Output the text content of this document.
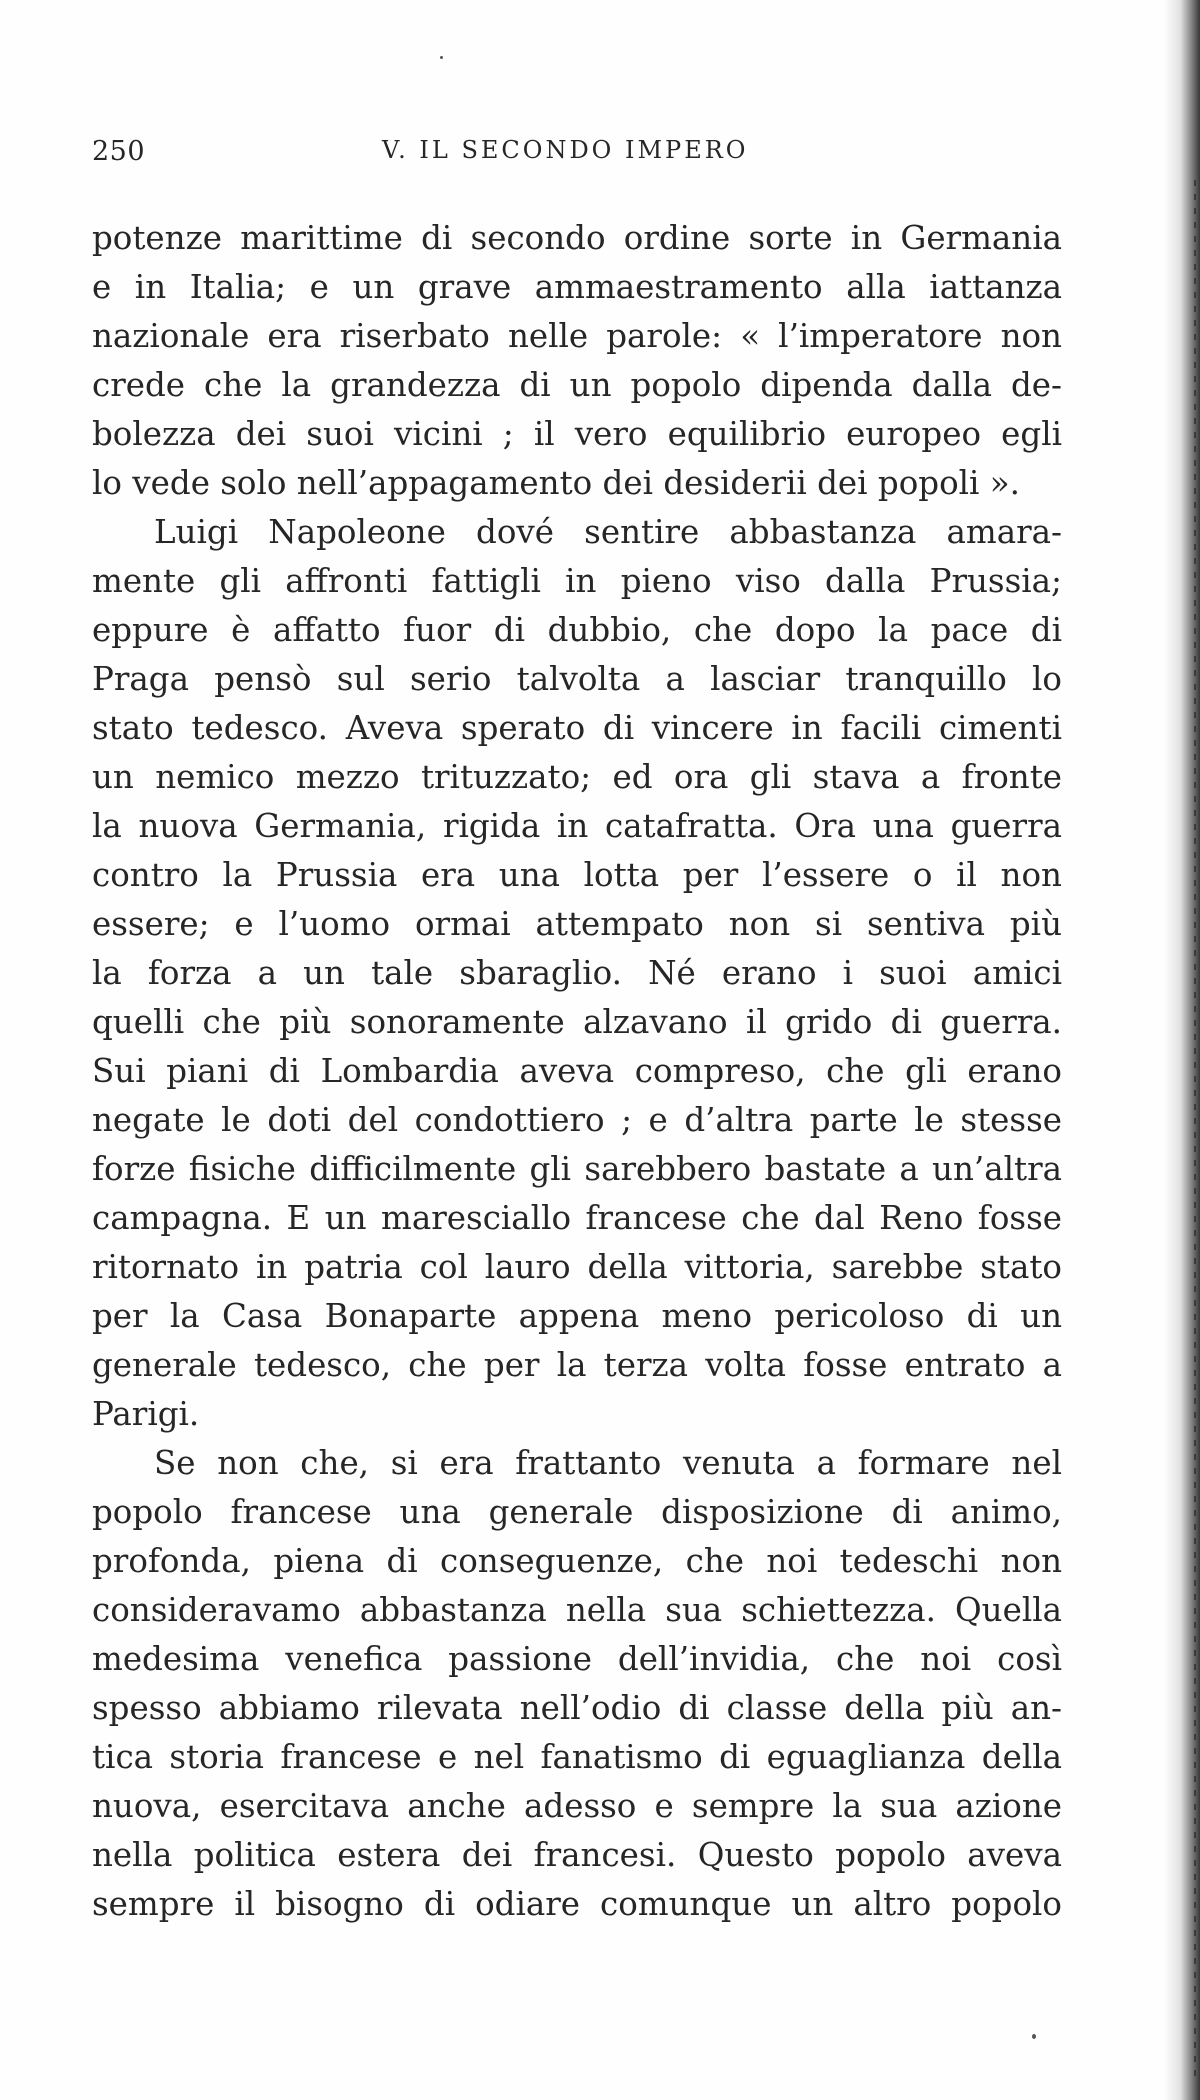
250	V. IL SECONDO IMPERO
potenze marittime di secondo ordine sorte in Germania
e in Italia; e un grave ammaestramento alla iattanza
nazionale era riserbato nelle parole: « l’imperatore non
crede che la grandezza di un popolo dipenda dalla de-
bolezza dei suoi vicini ; il vero equilibrio europeo egli
lo vede solo nell’appagamento dei desiderii dei popoli ».
Luigi Napoleone dové sentire abbastanza amara-
mente gli affronti fattigli in pieno viso dalla Prussia;
eppure è affatto fuor di dubbio, che dopo la pace di
Praga pensò sul serio talvolta a lasciar tranquillo lo
stato tedesco. Aveva sperato di vincere in facili cimenti
un nemico mezzo trituzzato; ed ora gli stava a fronte
la nuova Germania, rigida in catafratta. Ora una guerra
contro la Prussia era una lotta per l’essere o il non
essere; e l’uomo ormai attempato non si sentiva più
la forza a un tale sbaraglio. Né erano i suoi amici
quelli che più sonoramente alzavano il grido di guerra.
Sui piani di Lombardia aveva compreso, che gli erano
negate le doti del condottiero ; e d’altra parte le stesse
forze fisiche difficilmente gli sarebbero bastate a un’altra
campagna. E un maresciallo francese che dal Reno fosse
ritornato in patria col lauro della vittoria, sarebbe stato
per la Casa Bonaparte appena meno pericoloso di un
generale tedesco, che per la terza volta fosse entrato a
Parigi.
Se non che, si era frattanto venuta a formare nel
popolo francese una generale disposizione di animo,
profonda, piena di conseguenze, che noi tedeschi non
consideravamo abbastanza nella sua schiettezza. Quella
medesima venefica passione dell’invidia, che noi così
spesso abbiamo rilevata nell’odio di classe della più an-
tica storia francese e nel fanatismo di eguaglianza della
nuova, esercitava anche adesso e sempre la sua azione
nella politica estera dei francesi. Questo popolo aveva
sempre il bisogno di odiare comunque un altro popolo
